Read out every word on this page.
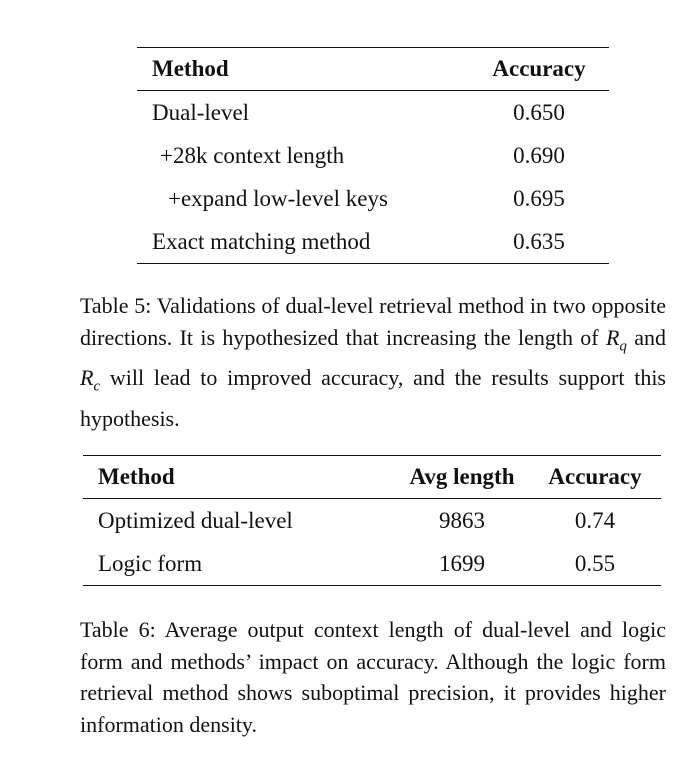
Method	Accuracy
Dual-level	0.650
+28k context length	0.690
+expand low-level keys	0.695
Exact matching method	0.635

Table 5: Validations of dual-level retrieval method in two opposite directions. It is hypothesized that increasing the length of $R_q$ and $R_c$ will lead to improved accuracy, and the results support this hypothesis.

Method	Avg length	Accuracy
Optimized dual-level	9863	0.74
Logic form	1699	0.55

Table 6: Average output context length of dual-level and logic form and methods’ impact on accuracy. Although the logic form retrieval method shows suboptimal precision, it provides higher information density.
